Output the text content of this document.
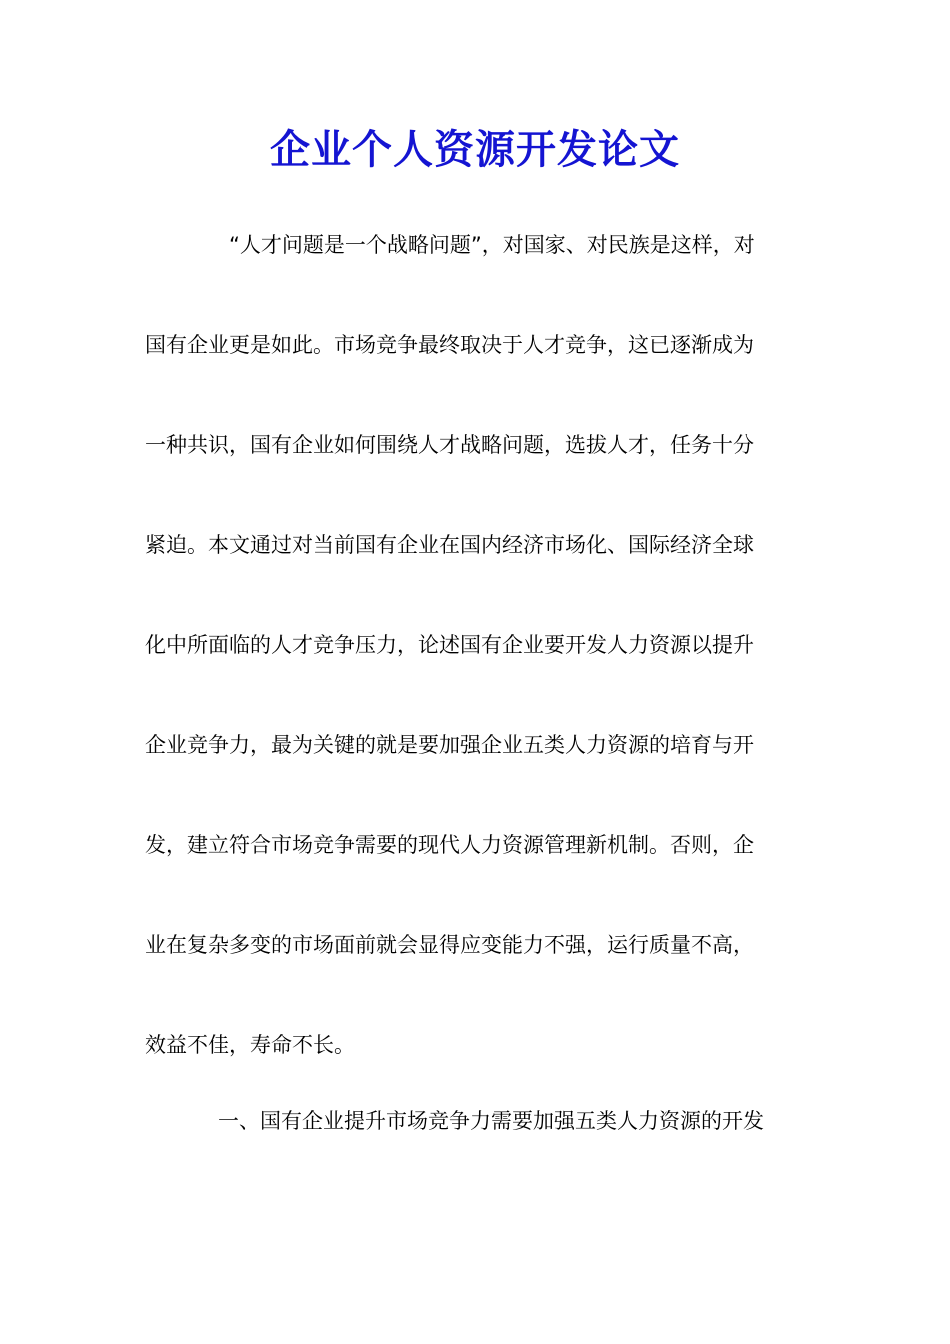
企业个人资源开发论文
“人才问题是一个战略问题”，对国家、对民族是这样，对
国有企业更是如此。市场竞争最终取决于人才竞争，这已逐渐成为
一种共识，国有企业如何围绕人才战略问题，选拔人才，任务十分
紧迫。本文通过对当前国有企业在国内经济市场化、国际经济全球
化中所面临的人才竞争压力，论述国有企业要开发人力资源以提升
企业竞争力，最为关键的就是要加强企业五类人力资源的培育与开
发，建立符合市场竞争需要的现代人力资源管理新机制。否则，企
业在复杂多变的市场面前就会显得应变能力不强，运行质量不高，
效益不佳，寿命不长。
一、国有企业提升市场竞争力需要加强五类人力资源的开发
